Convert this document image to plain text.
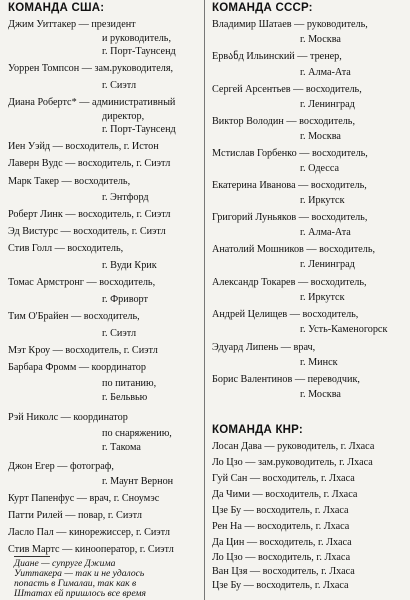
КОМАНДА США:
Джим Уиттакер — президент
и руководитель,
г. Порт-Таунсенд
Уоррен Томпсон — зам.руководителя,
г. Сиэтл
Диана Робертс* — административный
директор,
г. Порт-Таунсенд
Иен Уэйд — восходитель, г. Истон
Лаверн Вудс — восходитель, г. Сиэтл
Марк Такер — восходитель,
г. Энтфорд
Роберт Линк — восходитель, г. Сиэтл
Эд Вистурс — восходитель, г. Сиэтл
Стив Голл — восходитель,
г. Вуди Крик
Томас Армстронг — восходитель,
г. Фриворт
Тим О'Брайен — восходитель,
г. Сиэтл
Мэт Кроу — восходитель, г. Сиэтл
Барбара Фромм — координатор
по питанию,
г. Бельвью
Рэй Николс — координатор
по снаряжению,
г. Такома
Джон Егер — фотограф,
г. Маунт Вернон
Курт Папенфус — врач, г. Сноумэс
Патти Рилей — повар, г. Сиэтл
Ласло Пал — кинорежиссер, г. Сиэтл
Стив Мартс — кинооператор, г. Сиэтл
КОМАНДА СССР:
Владимир Шатаев — руководитель,
г. Москва
Ервანд Ильинский — тренер,
г. Алма-Ата
Сергей Арсентьев — восходитель,
г. Ленинград
Виктор Володин — восходитель,
г. Москва
Мстислав Горбенко — восходитель,
г. Одесса
Екатерина Иванова — восходитель,
г. Иркутск
Григорий Луньяков — восходитель,
г. Алма-Ата
Анатолий Мошников — восходитель,
г. Ленинград
Александр Токарев — восходитель,
г. Иркутск
Андрей Целищев — восходитель,
г. Усть-Каменогорск
Эдуард Липень — врач,
г. Минск
Борис Валентинов — переводчик,
г. Москва
КОМАНДА КНР:
Лосан Дава — руководитель, г. Лхаса
Ло Цзо — зам.руководитель, г. Лхаса
Гуй Сан — восходитель, г. Лхаса
Да Чими — восходитель, г. Лхаса
Цзе Бу — восходитель, г. Лхаса
Рен На — восходитель, г. Лхаса
Да Цин — восходитель, г. Лхаса
Ло Цзо — восходитель, г. Лхаса
Ван Цзя — восходитель, г. Лхаса
Цзе Бу — восходитель, г. Лхаса
Диане — супруге Джима
Уиттакера — так и не удалось
попасть в Гималаи, так как в
Штатах ей пришлось все время
